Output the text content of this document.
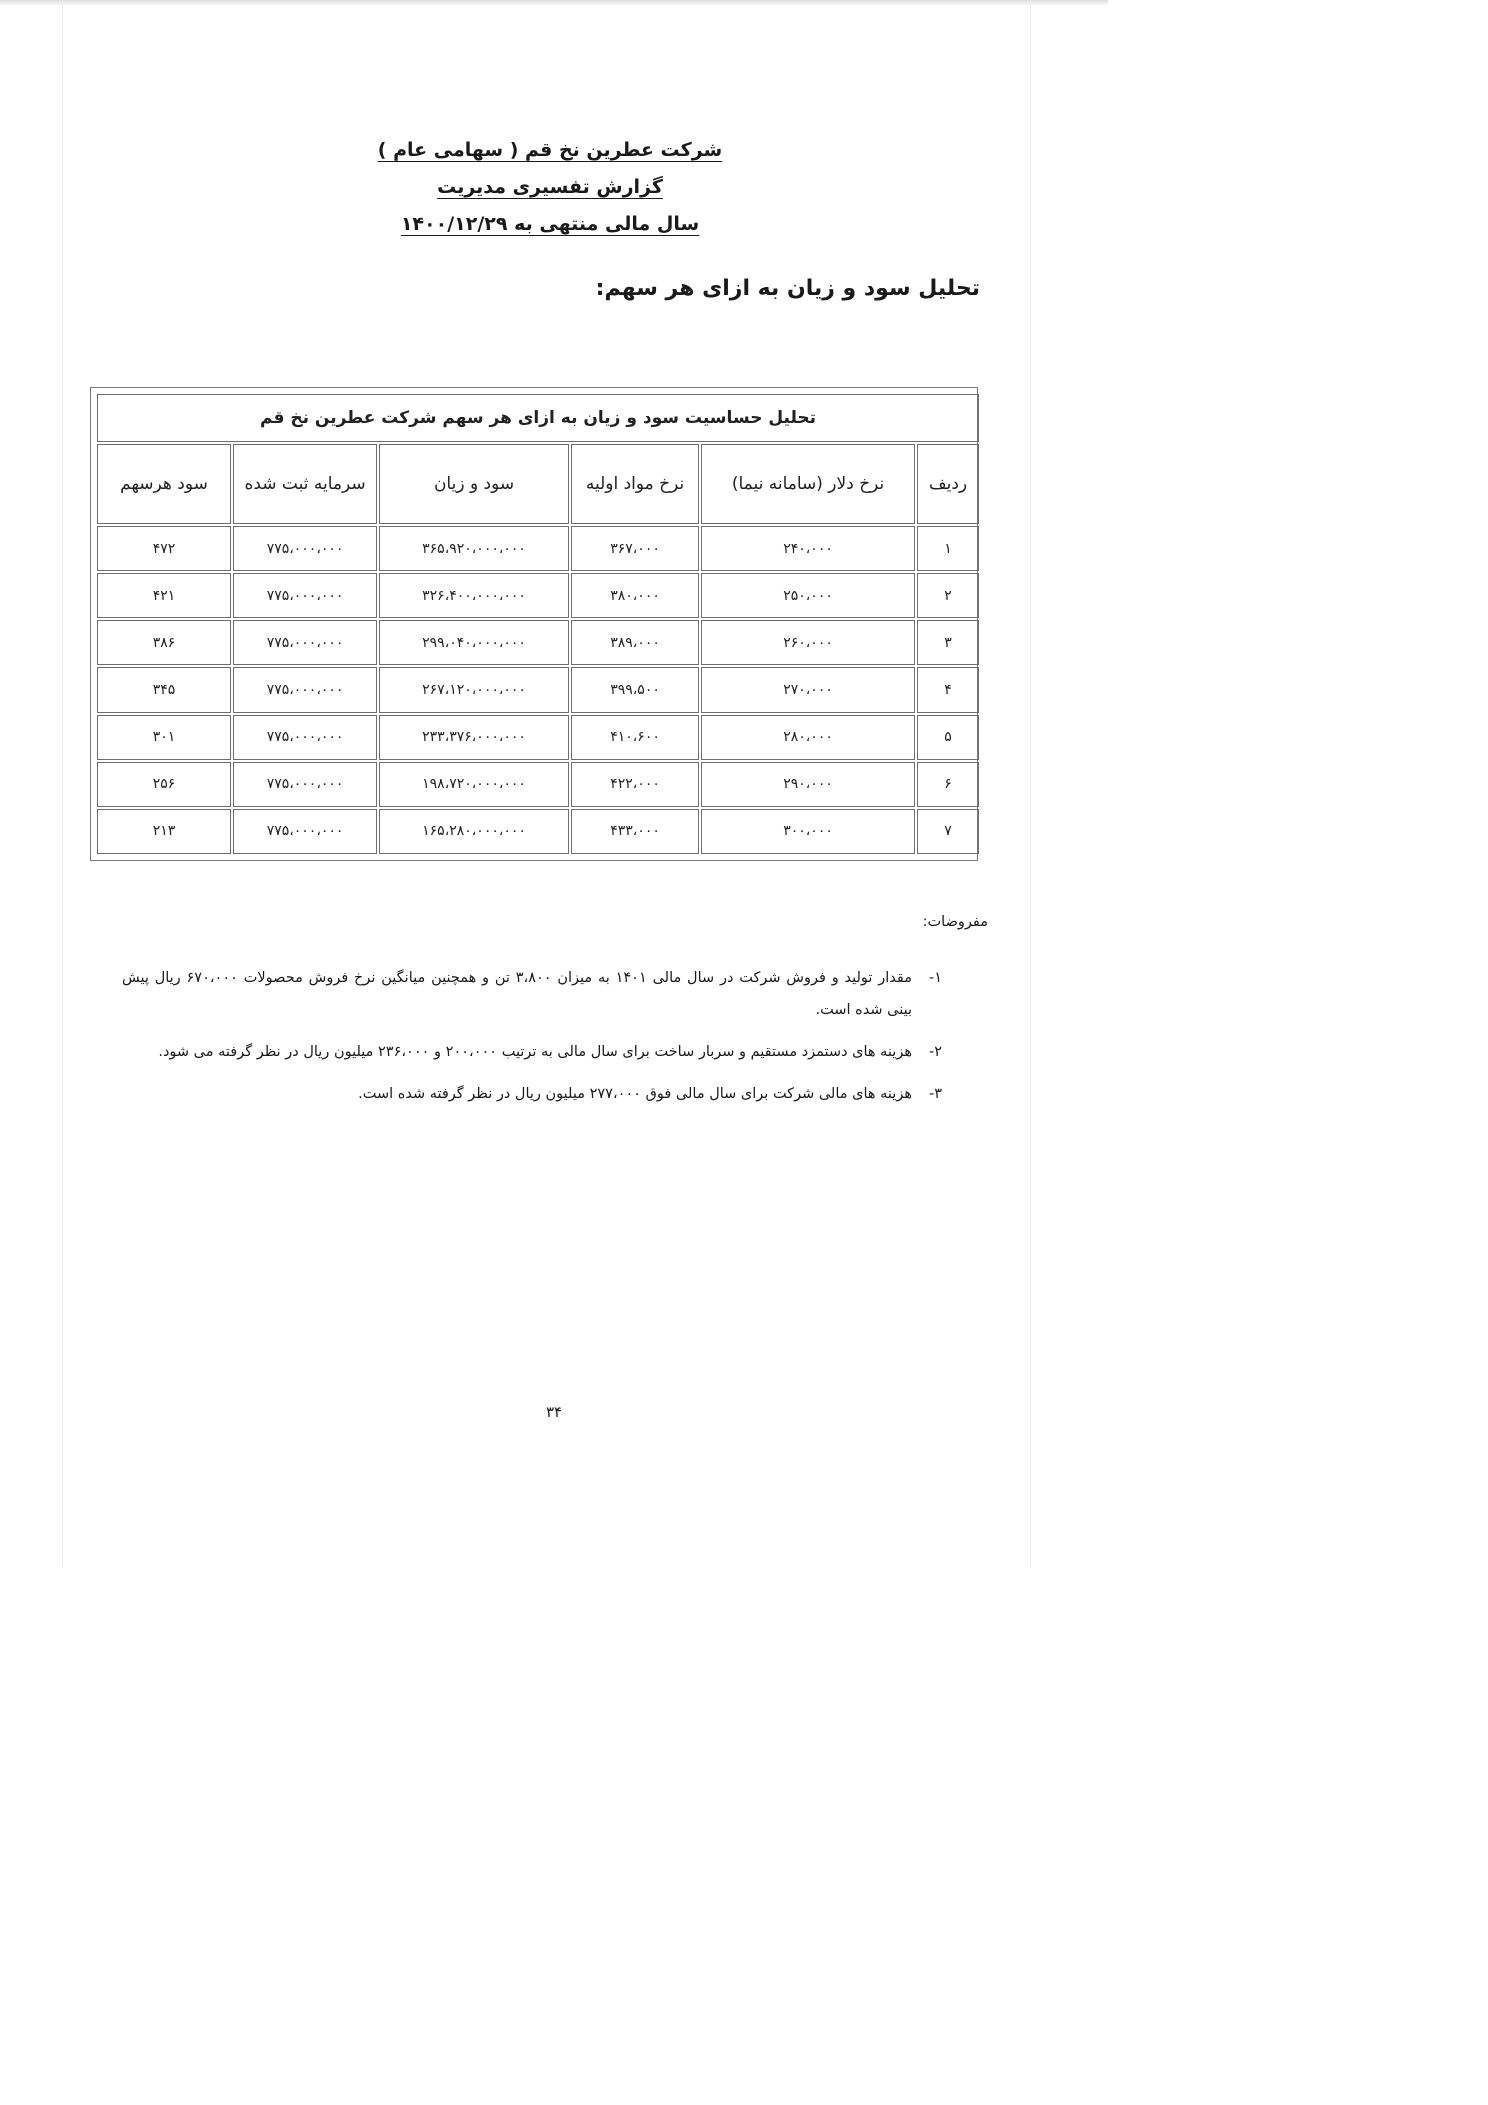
شرکت عطرین نخ قم ( سهامی عام )
گزارش تفسیری مدیریت
سال مالی منتهی به ۱۴۰۰/۱۲/۲۹
تحلیل سود و زیان به ازای هر سهم:
تحلیل حساسیت سود و زیان به ازای هر سهم شرکت عطرین نخ قم					
ردیف	نرخ دلار (سامانه نیما)	نرخ مواد اولیه	سود و زیان	سرمایه ثبت شده	سود هرسهم
۱	۲۴۰،۰۰۰	۳۶۷،۰۰۰	۳۶۵،۹۲۰،۰۰۰،۰۰۰	۷۷۵،۰۰۰،۰۰۰	۴۷۲
۲	۲۵۰،۰۰۰	۳۸۰،۰۰۰	۳۲۶،۴۰۰،۰۰۰،۰۰۰	۷۷۵،۰۰۰،۰۰۰	۴۲۱
۳	۲۶۰،۰۰۰	۳۸۹،۰۰۰	۲۹۹،۰۴۰،۰۰۰،۰۰۰	۷۷۵،۰۰۰،۰۰۰	۳۸۶
۴	۲۷۰،۰۰۰	۳۹۹،۵۰۰	۲۶۷،۱۲۰،۰۰۰،۰۰۰	۷۷۵،۰۰۰،۰۰۰	۳۴۵
۵	۲۸۰،۰۰۰	۴۱۰،۶۰۰	۲۳۳،۳۷۶،۰۰۰،۰۰۰	۷۷۵،۰۰۰،۰۰۰	۳۰۱
۶	۲۹۰،۰۰۰	۴۲۲،۰۰۰	۱۹۸،۷۲۰،۰۰۰،۰۰۰	۷۷۵،۰۰۰،۰۰۰	۲۵۶
۷	۳۰۰،۰۰۰	۴۳۳،۰۰۰	۱۶۵،۲۸۰،۰۰۰،۰۰۰	۷۷۵،۰۰۰،۰۰۰	۲۱۳
مفروضات:
۱-
مقدار تولید و فروش شرکت در سال مالی ۱۴۰۱ به میزان ۳،۸۰۰ تن و همچنین میانگین نرخ فروش محصولات ۶۷۰،۰۰۰ ریال پیش بینی شده است.
۲-
هزینه های دستمزد مستقیم و سربار ساخت برای سال مالی به ترتیب ۲۰۰،۰۰۰ و ۲۳۶،۰۰۰ میلیون ریال در نظر گرفته می شود.
۳-
هزینه های مالی شرکت برای سال مالی فوق ۲۷۷،۰۰۰ میلیون ریال در نظر گرفته شده است.
۳۴
